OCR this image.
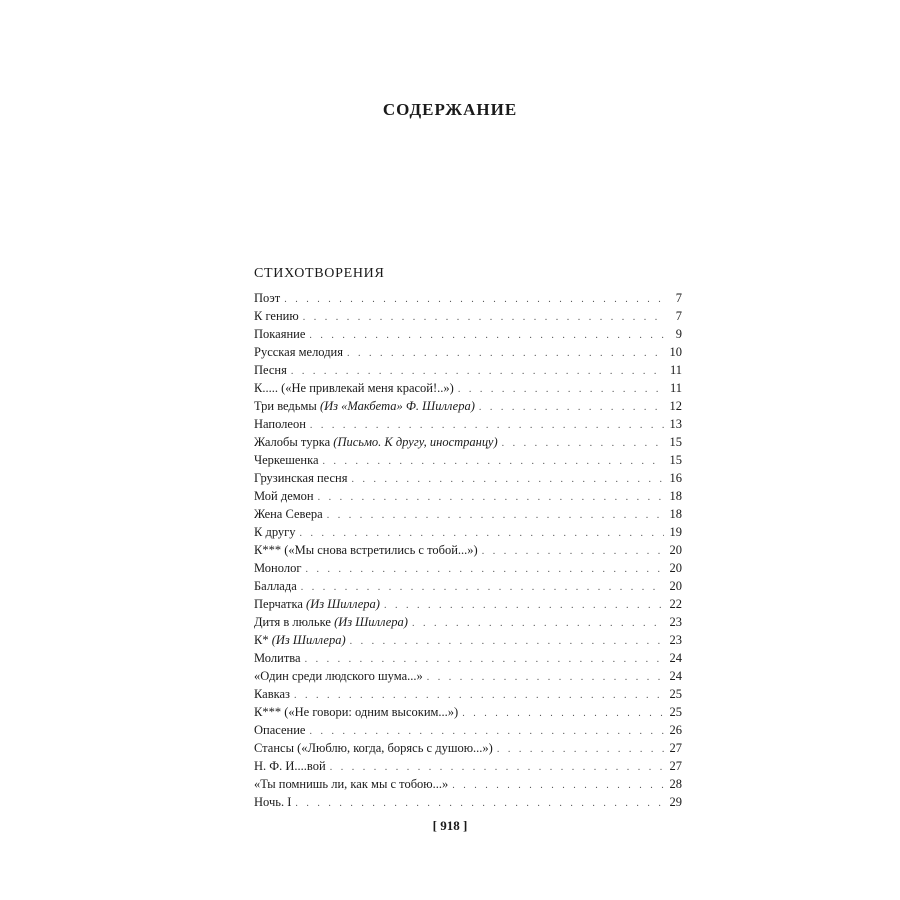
СОДЕРЖАНИЕ
СТИХОТВОРЕНИЯ
Поэт . . .	7
К гению . . .	7
Покаяние . . .	9
Русская мелодия . . .	10
Песня . . .	11
К..... («Не привлекай меня красой!..») . . .	11
Три ведьмы (Из «Макбета» Ф. Шиллера) . . .	12
Наполеон . . .	13
Жалобы турка (Письмо. К другу, иностранцу) . . .	15
Черкешенка . . .	15
Грузинская песня . . .	16
Мой демон . . .	18
Жена Севера . . .	18
К другу . . .	19
К*** («Мы снова встретились с тобой...») . . .	20
Монолог . . .	20
Баллада . . .	20
Перчатка (Из Шиллера) . . .	22
Дитя в люльке (Из Шиллера) . . .	23
К* (Из Шиллера) . . .	23
Молитва . . .	24
«Один среди людского шума...» . . .	24
Кавказ . . .	25
К*** («Не говори: одним высоким...») . . .	25
Опасение . . .	26
Стансы («Люблю, когда, борясь с душою...») . . .	27
Н. Ф. И....вой . . .	27
«Ты помнишь ли, как мы с тобою...» . . .	28
Ночь. I . . .	29
[ 918 ]
